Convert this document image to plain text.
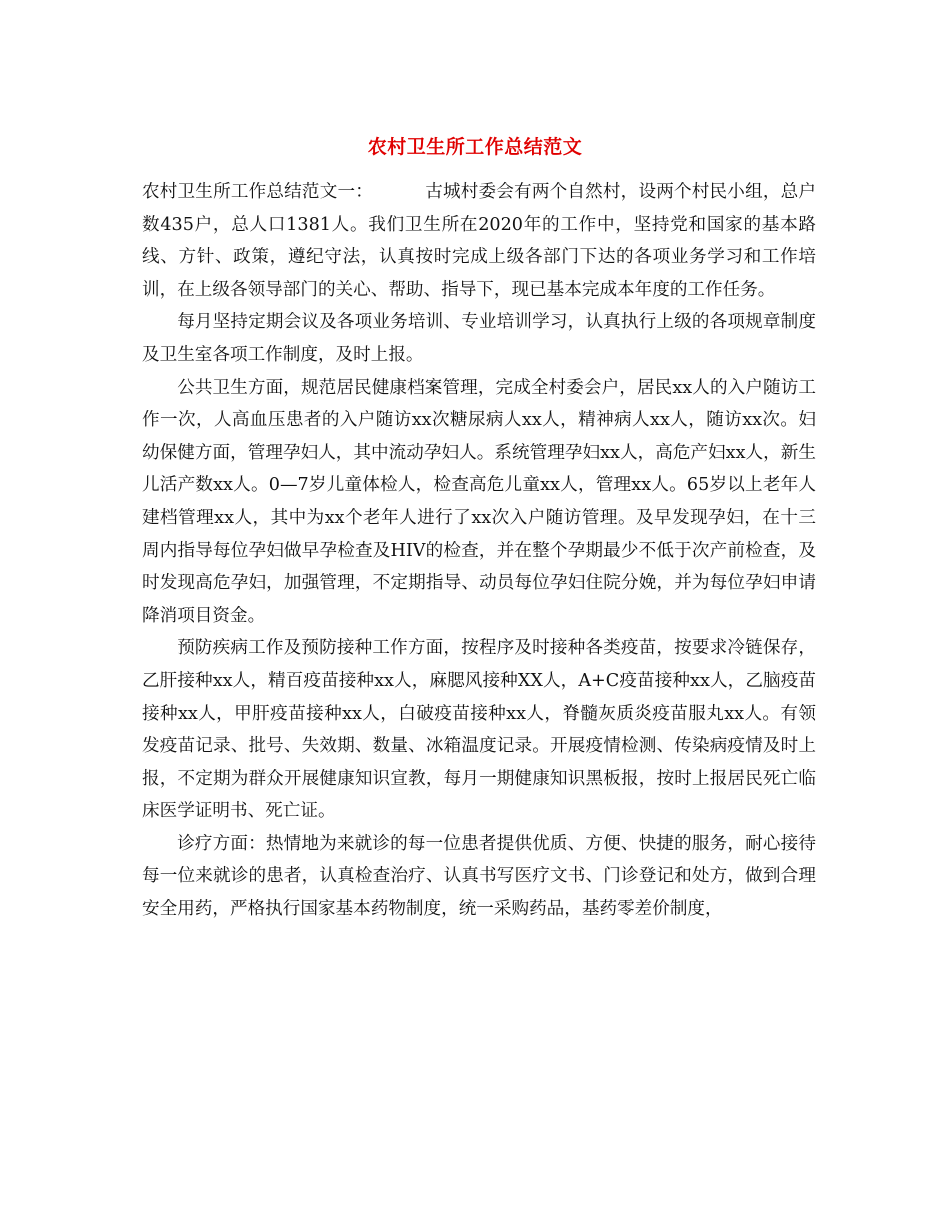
农村卫生所工作总结范文

农村卫生所工作总结范文一：	古城村委会有两个自然村，设两个村民小组，总户数435户，总人口1381人。我们卫生所在2020年的工作中，坚持党和国家的基本路线、方针、政策，遵纪守法，认真按时完成上级各部门下达的各项业务学习和工作培训，在上级各领导部门的关心、帮助、指导下，现已基本完成本年度的工作任务。

每月坚持定期会议及各项业务培训、专业培训学习，认真执行上级的各项规章制度及卫生室各项工作制度，及时上报。

公共卫生方面，规范居民健康档案管理，完成全村委会户，居民xx人的入户随访工作一次，人高血压患者的入户随访xx次糖尿病人xx人，精神病人xx人，随访xx次。妇幼保健方面，管理孕妇人，其中流动孕妇人。系统管理孕妇xx人，高危产妇xx人，新生儿活产数xx人。0—7岁儿童体检人，检查高危儿童xx人，管理xx人。65岁以上老年人建档管理xx人，其中为xx个老年人进行了xx次入户随访管理。及早发现孕妇，在十三周内指导每位孕妇做早孕检查及HIV的检查，并在整个孕期最少不低于次产前检查，及时发现高危孕妇，加强管理，不定期指导、动员每位孕妇住院分娩，并为每位孕妇申请降消项目资金。

预防疾病工作及预防接种工作方面，按程序及时接种各类疫苗，按要求冷链保存，乙肝接种xx人，精百疫苗接种xx人，麻腮风接种XX人，A+C疫苗接种xx人，乙脑疫苗接种xx人，甲肝疫苗接种xx人，白破疫苗接种xx人，脊髓灰质炎疫苗服丸xx人。有领发疫苗记录、批号、失效期、数量、冰箱温度记录。开展疫情检测、传染病疫情及时上报，不定期为群众开展健康知识宣教，每月一期健康知识黑板报，按时上报居民死亡临床医学证明书、死亡证。

诊疗方面：热情地为来就诊的每一位患者提供优质、方便、快捷的服务，耐心接待每一位来就诊的患者，认真检查治疗、认真书写医疗文书、门诊登记和处方，做到合理安全用药，严格执行国家基本药物制度，统一采购药品，基药零差价制度，
